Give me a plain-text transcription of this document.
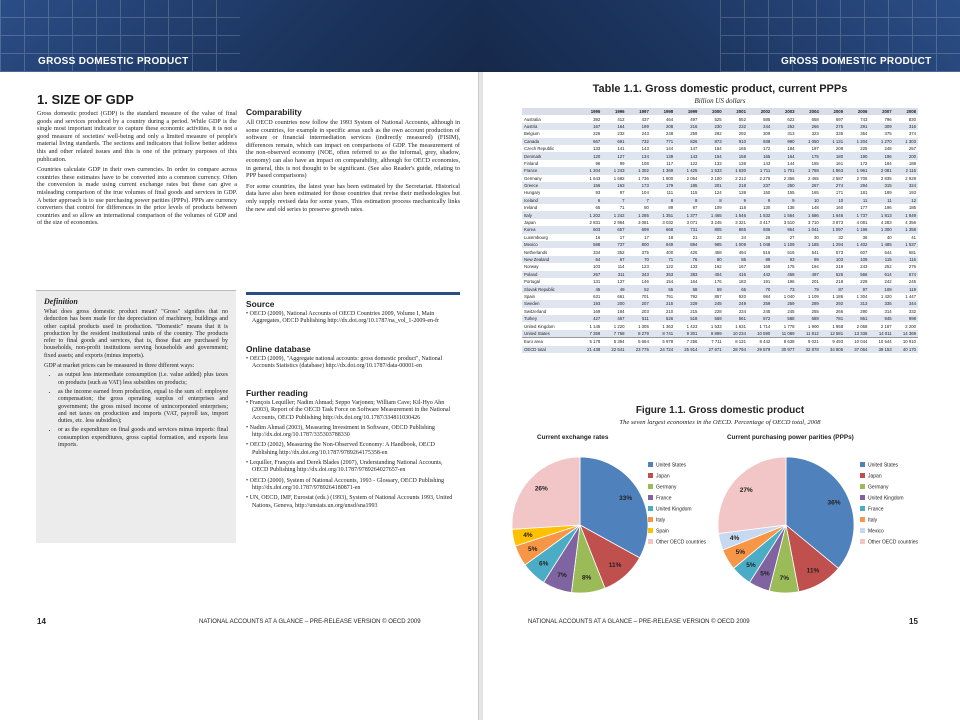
GROSS DOMESTIC PRODUCT	GROSS DOMESTIC PRODUCT
1. SIZE OF GDP

Gross domestic product (GDP) is the standard measure of the value of final goods and services produced by a country during a period. While GDP is the single most important indicator to capture these economic activities, it is not a good measure of societies' well-being and only a limited measure of people's material living standards. The sections and indicators that follow better address this and other related issues and this is one of the primary purposes of this publication.

Countries calculate GDP in their own currencies. In order to compare across countries these estimates have to be converted into a common currency. Often the conversion is made using current exchange rates but these can give a misleading comparison of the true volumes of final goods and services in GDP. A better approach is to use purchasing power parities (PPPs). PPPs are currency converters that control for differences in the price levels of products between countries and so allow an international comparison of the volumes of GDP and of the size of economies.

Comparability

All OECD countries now follow the 1993 System of National Accounts, although in some countries, for example in specific areas such as the own account production of software or financial intermediation services (indirectly measured) (FISIM), differences remain, which can impact on comparisons of GDP. The measurement of the non-observed economy (NOE, often referred to as the informal, grey, shadow, economy) can also have an impact on comparability, although for OECD economies, in general, this is not thought to be significant. (See also Reader's guide, relating to PPP based comparisons)

For some countries, the latest year has been estimated by the Secretariat. Historical data have also been estimated for those countries that revise their methodologies but only supply revised data for some years. This estimation process mechanically links the new and old series to preserve growth rates.

Definition
What does gross domestic product mean? "Gross" signifies that no deduction has been made for the depreciation of machinery, buildings and other capital products used in production. "Domestic" means that it is production by the resident institutional units of the country. The products refer to final goods and services, that is, those that are purchased by households, non-profit institutions serving households and government; fixed assets; and exports (minus imports).
GDP at market prices can be measured in three different ways:
• as output less intermediate consumption (i.e. value added) plus taxes on products (such as VAT) less subsidies on products;
• as the income earned from production, equal to the sum of: employee compensation; the gross operating surplus of enterprises and government; the gross mixed income of unincorporated enterprises; and net taxes on production and imports (VAT, payroll tax, import duties, etc. less subsidies);
• or as the expenditure on final goods and services minus imports: final consumption expenditures, gross capital formation, and exports less imports.
Source
• OECD (2009), National Accounts of OECD Countries 2009, Volume I, Main Aggregates, OECD Publishing http://dx.doi.org/10.1787/na_vol_1-2009-en-fr
Online database
• OECD (2009), "Aggregate national accounts: gross domestic product", National Accounts Statistics (database) http://dx.doi.org/10.1787/data-00001-en
Further reading
• François Lequiller; Nadim Ahmad; Seppo Varjonen; William Cave; Kil-Hyo Ahn (2003), Report of the OECD Task Force on Software Measurement in the National Accounts, OECD Publishing http://dx.doi.org/10.1787/334811030426
• Nadim Ahmad (2003), Measuring Investment in Software, OECD Publishing http://dx.doi.org/10.1787/335303788330
• OECD (2002), Measuring the Non-Observed Economy: A Handbook, OECD Publishing http://dx.doi.org/10.1787/9789264175358-en
• Lequiller, François and Derek Blades (2007), Understanding National Accounts, OECD Publishing http://dx.doi.org/10.1787/9789264027657-en
• OECD (2000), System of National Accounts, 1993 - Glossary, OECD Publishing http://dx.doi.org/10.1787/9789264180871-en
• UN, OECD, IMF, Eurostat (eds.) (1993), System of National Accounts 1993, United Nations, Geneva, http://unstats.un.org/unsd/sna1993
14	NATIONAL ACCOUNTS AT A GLANCE – PRE-RELEASE VERSION © OECD 2009
Table 1.1. Gross domestic product, current PPPs
Billion US dollars
	1995	1996	1997	1998	1999	2000	2001	2002	2003	2004	2005	2006	2007	2008
Australia	392	412	437	464	497	525	552	585	622	658	697	743	796	830
Austria	167	164	199	208	216	230	232	244	252	266	275	291	309	316
Belgium	226	232	243	248	259	282	292	309	313	323	335	354	375	374
Canada	667	691	732	771	826	873	910	938	990	1 050	1 131	1 204	1 270	1 303
Czech Republic	133	141	143	144	147	154	165	172	184	197	208	225	248	257
Denmark	120	127	134	139	143	154	158	165	164	175	180	190	196	200
Finland	96	99	108	117	122	133	138	143	144	155	161	172	184	188
France	1 204	1 243	1 302	1 369	1 425	1 533	1 630	1 711	1 701	1 758	1 863	1 961	2 081	2 115
Germany	1 643	1 682	1 736	1 800	2 064	2 100	2 212	2 276	2 356	2 465	2 587	2 706	2 835	2 929
Greece	156	163	173	179	185	201	218	237	250	267	274	294	315	324
Hungary	93	97	104	111	115	124	138	150	155	165	171	181	189	193
Iceland	6	7	7	8	8	8	9	9	9	10	10	11	11	12
Ireland	65	71	80	89	97	109	118	130	138	148	160	177	196	185
Italy	1 202	1 242	1 285	1 351	1 377	1 465	1 546	1 532	1 564	1 586	1 646	1 737	1 813	1 849
Japan	2 831	2 964	3 081	3 032	3 071	3 245	3 321	3 417	3 510	3 710	3 873	4 081	4 283	4 356
Korea	603	657	699	668	731	805	865	936	964	1 041	1 097	1 196	1 300	1 358
Luxembourg	16	17	17	18	21	23	24	26	27	30	32	36	40	41
Mexico	588	737	800	849	894	985	1 009	1 048	1 109	1 185	1 294	1 402	1 485	1 537
Netherlands	334	352	375	400	425	458	494	516	516	541	573	607	644	681
New Zealand	64	67	70	71	76	80	85	89	93	99	103	109	115	116
Norway	103	114	123	122	133	162	167	168	175	194	219	243	252	276
Poland	267	311	343	353	383	404	416	442	458	497	525	566	614	674
Portugal	131	137	146	154	164	176	183	191	196	201	218	229	242	245
Slovak Republic	45	49	52	55	58	59	65	70	73	79	87	97	108	119
Spain	631	661	701	751	792	857	920	984	1 040	1 109	1 186	1 304	1 420	1 447
Sweden	193	200	207	215	229	245	249	259	259	289	292	313	335	344
Switzerland	169	184	203	210	215	228	234	245	245	255	266	290	314	332
Turkey	427	467	511	526	518	569	561	572	588	689	781	861	945	998
United Kingdom	1 146	1 220	1 305	1 363	1 423	1 533	1 631	1 714	1 778	1 900	1 958	2 058	2 187	2 200
United States	7 359	7 768	8 279	8 741	9 301	9 899	10 234	10 590	11 089	11 812	12 581	13 336	14 011	14 369
Euro area	5 178	5 394	5 664	5 978	7 256	7 711	8 131	8 442	8 638	9 021	9 493	10 044	10 544	10 910
OECD total	21 438	22 541	23 775	24 724	25 914	27 671	28 794	29 879	30 977	32 878	34 805	37 064	39 153	40 170
Figure 1.1. Gross domestic product
The seven largest economies in the OECD. Percentage of OECD total, 2008
Current exchange rates	Current purchasing power parities (PPPs)
33%
11%
8%
7%
6%
5%
4%
26%
United States
Japan
Germany
France
United Kingdom
Italy
Spain
Other OECD countries
36%
11%
7%
5%
5%
5%
4%
27%
United States
Japan
Germany
United Kingdom
France
Italy
Mexico
Other OECD countries
NATIONAL ACCOUNTS AT A GLANCE – PRE-RELEASE VERSION © OECD 2009	15
